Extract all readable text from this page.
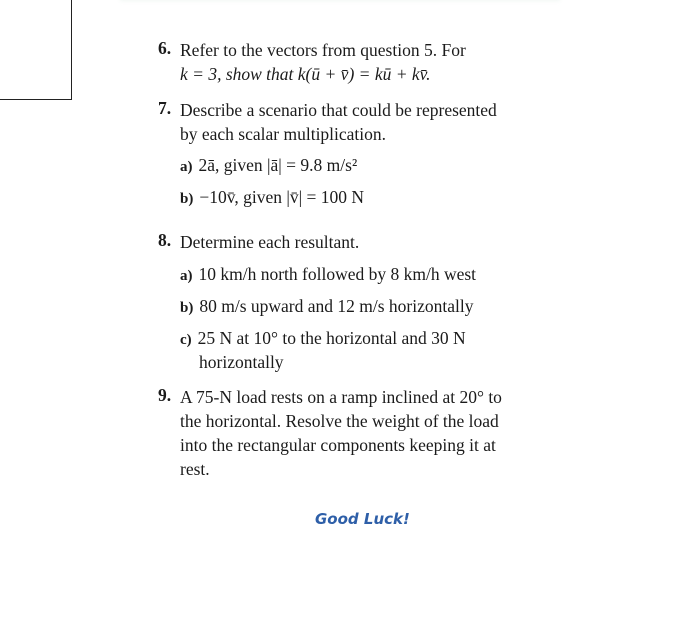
6. Refer to the vectors from question 5. For
k = 3, show that k(ū + v̄) = kū + kv̄.
7. Describe a scenario that could be represented
by each scalar multiplication.
a) 2ā, given |ā| = 9.8 m/s²
b) −10v̄, given |v̄| = 100 N
8. Determine each resultant.
a) 10 km/h north followed by 8 km/h west
b) 80 m/s upward and 12 m/s horizontally
c) 25 N at 10° to the horizontal and 30 N
horizontally
9. A 75-N load rests on a ramp inclined at 20° to
the horizontal. Resolve the weight of the load
into the rectangular components keeping it at
rest.
Good Luck!
